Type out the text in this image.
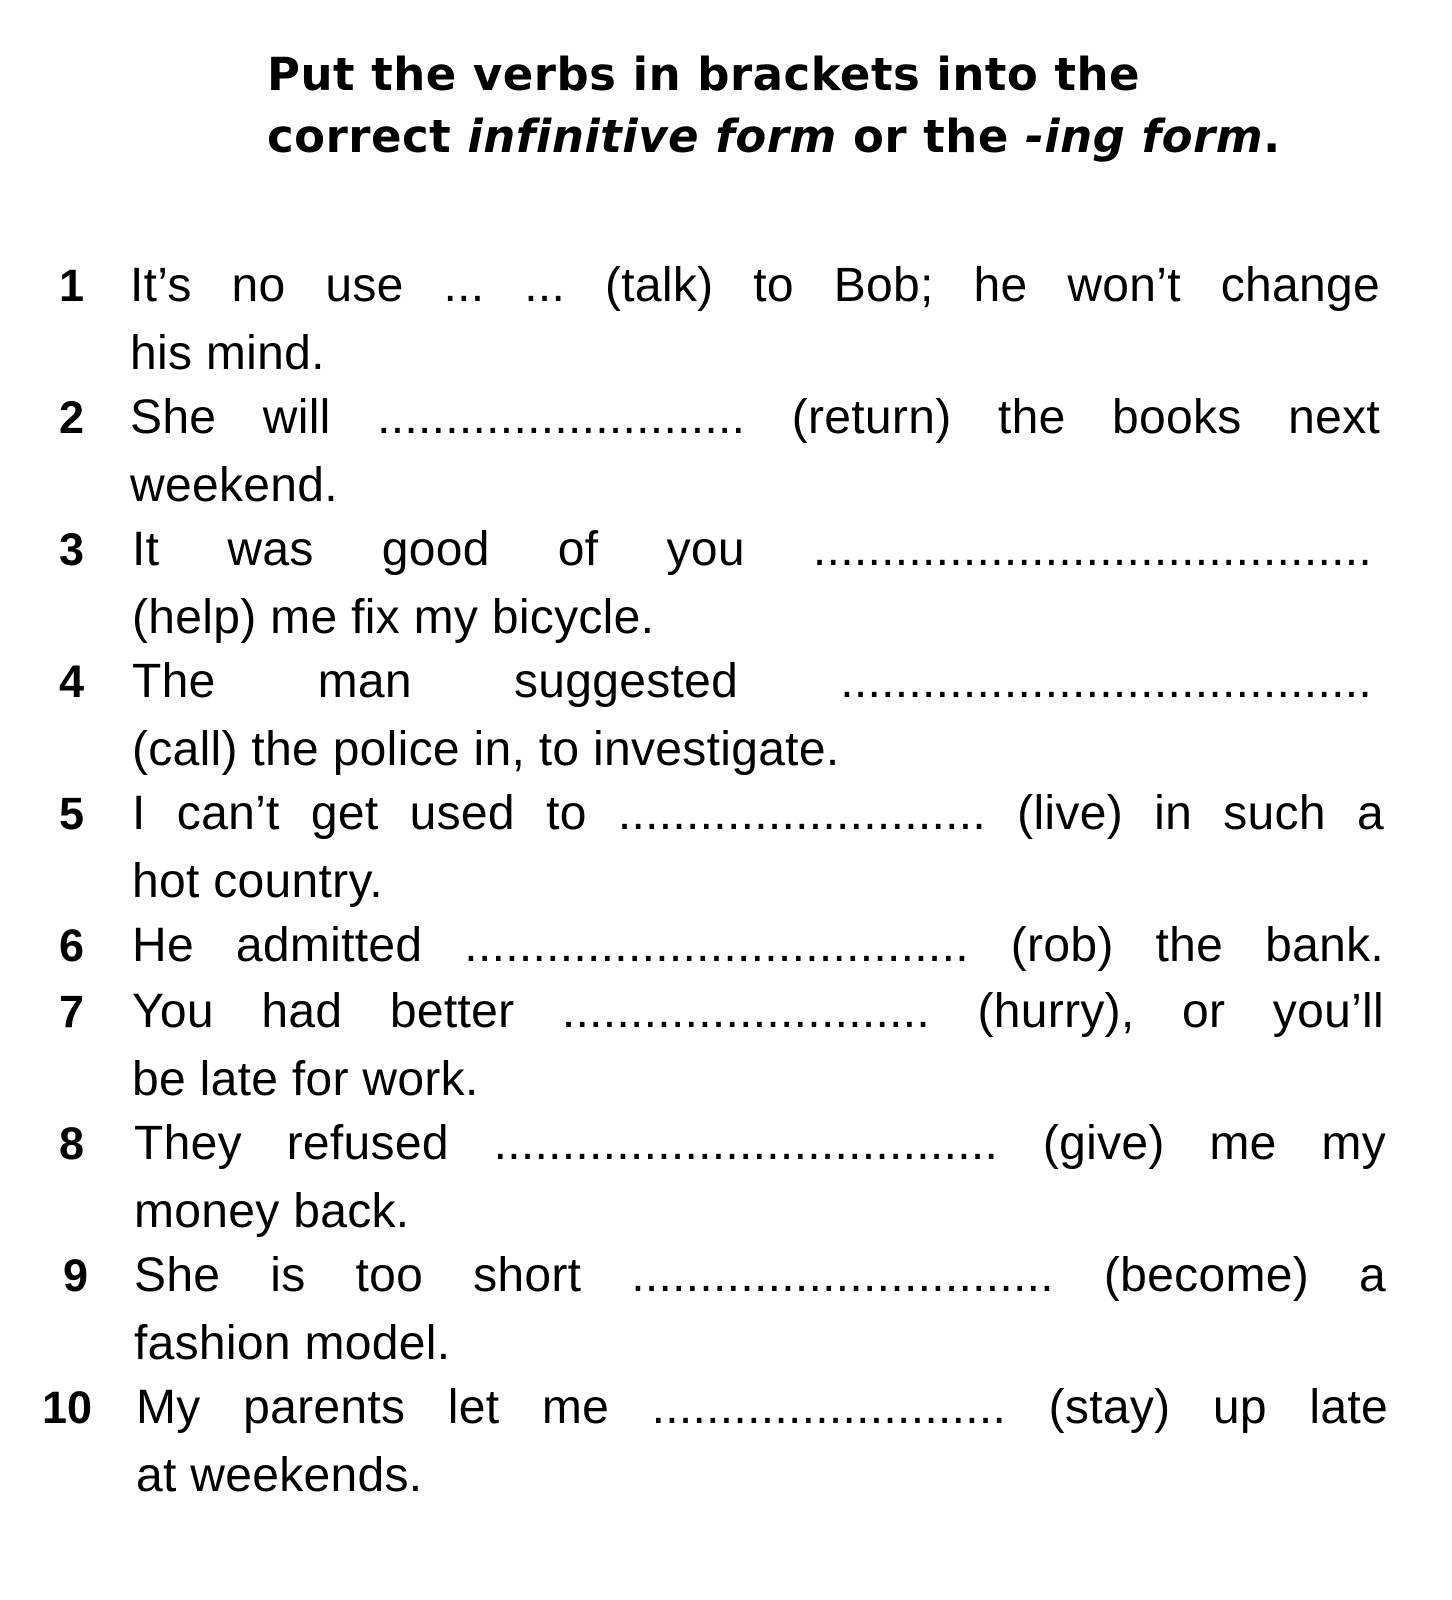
Put the verbs in brackets into the
correct infinitive form or the -ing form.
1 It’s no use ... ... (talk) to Bob; he won’t change
his mind.
2 She will ........................... (return) the books next
weekend.
3 It was good of you .........................................
(help) me fix my bicycle.
4 The man suggested .......................................
(call) the police in, to investigate.
5 I can’t get used to ........................... (live) in such a
hot country.
6 He admitted ..................................... (rob) the bank.
7 You had better ........................... (hurry), or you’ll
be late for work.
8 They refused ..................................... (give) me my
money back.
9 She is too short ............................... (become) a
fashion model.
10 My parents let me .......................... (stay) up late
at weekends.
